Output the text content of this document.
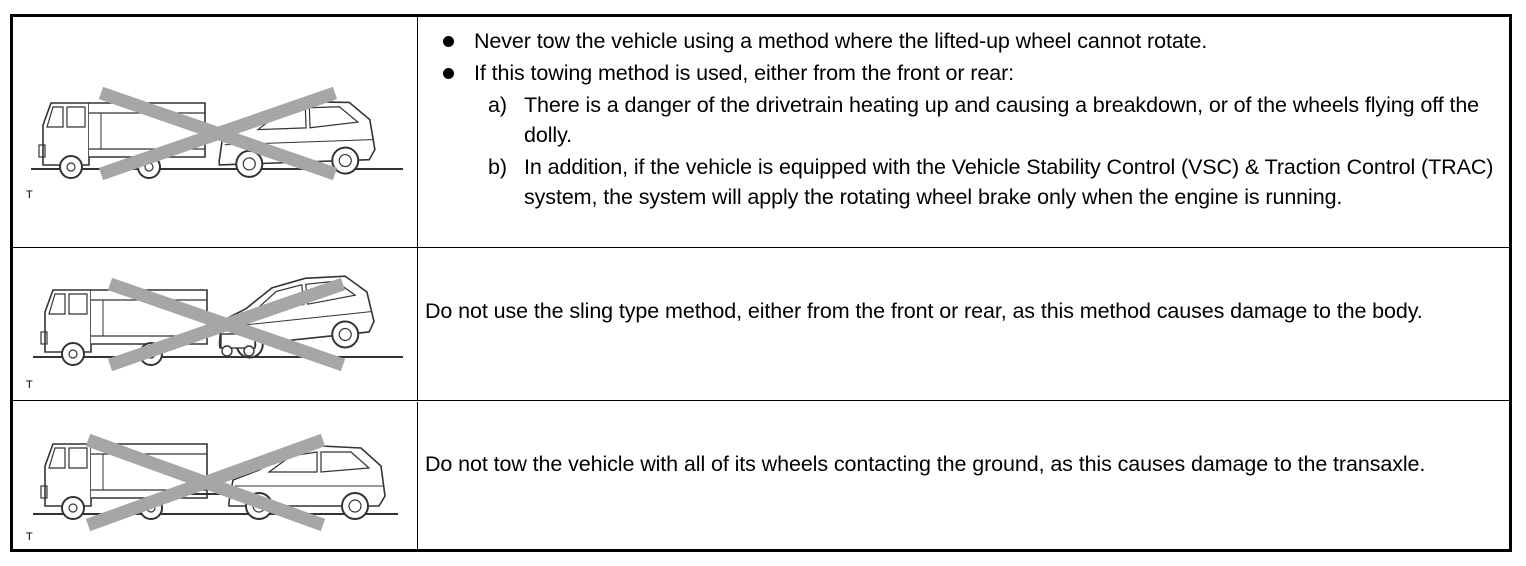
T
Never tow the vehicle using a method where the lifted-up wheel cannot rotate.
If this towing method is used, either from the front or rear:
a) There is a danger of the drivetrain heating up and causing a breakdown, or of the wheels flying off the dolly.
b) In addition, if the vehicle is equipped with the Vehicle Stability Control (VSC) & Traction Control (TRAC) system, the system will apply the rotating wheel brake only when the engine is running.
T
Do not use the sling type method, either from the front or rear, as this method causes damage to the body.
T
Do not tow the vehicle with all of its wheels contacting the ground, as this causes damage to the transaxle.
